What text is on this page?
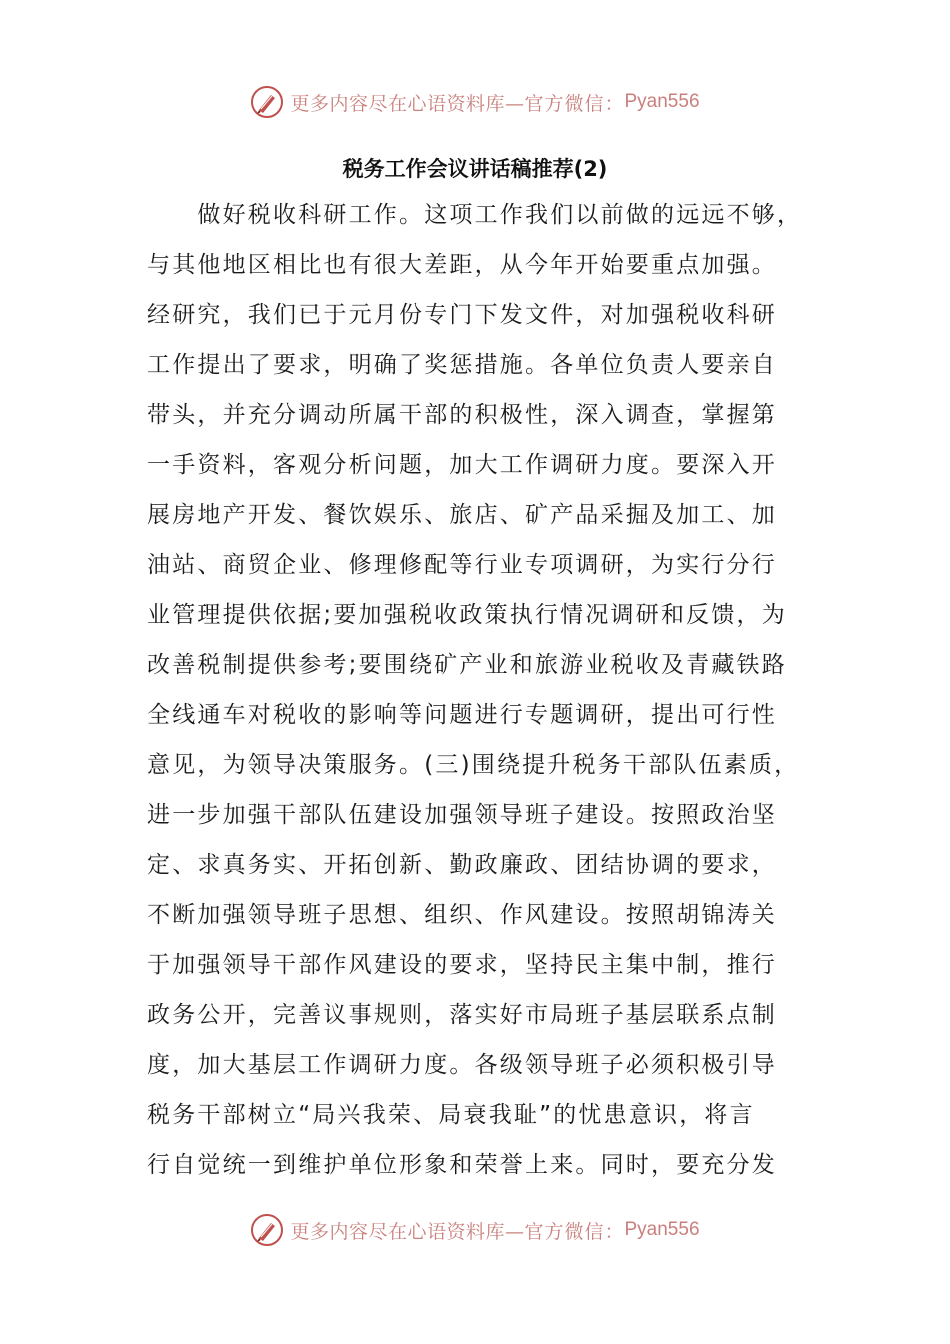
更多内容尽在心语资料库— 官方微信： Pyan556
税务工作会议讲话稿推荐(2)
　　做好税收科研工作。这项工作我们以前做的远远不够，
与其他地区相比也有很大差距，从今年开始要重点加强。
经研究，我们已于元月份专门下发文件，对加强税收科研
工作提出了要求，明确了奖惩措施。各单位负责人要亲自
带头，并充分调动所属干部的积极性，深入调查，掌握第
一手资料，客观分析问题，加大工作调研力度。要深入开
展房地产开发、餐饮娱乐、旅店、矿产品采掘及加工、加
油站、商贸企业、修理修配等行业专项调研，为实行分行
业管理提供依据;要加强税收政策执行情况调研和反馈，为
改善税制提供参考;要围绕矿产业和旅游业税收及青藏铁路
全线通车对税收的影响等问题进行专题调研，提出可行性
意见，为领导决策服务。(三)围绕提升税务干部队伍素质，
进一步加强干部队伍建设加强领导班子建设。按照政治坚
定、求真务实、开拓创新、勤政廉政、团结协调的要求，
不断加强领导班子思想、组织、作风建设。按照胡锦涛关
于加强领导干部作风建设的要求，坚持民主集中制，推行
政务公开，完善议事规则，落实好市局班子基层联系点制
度，加大基层工作调研力度。各级领导班子必须积极引导
税务干部树立“局兴我荣、局衰我耻”的忧患意识，将言
行自觉统一到维护单位形象和荣誉上来。同时，要充分发
更多内容尽在心语资料库— 官方微信： Pyan556
